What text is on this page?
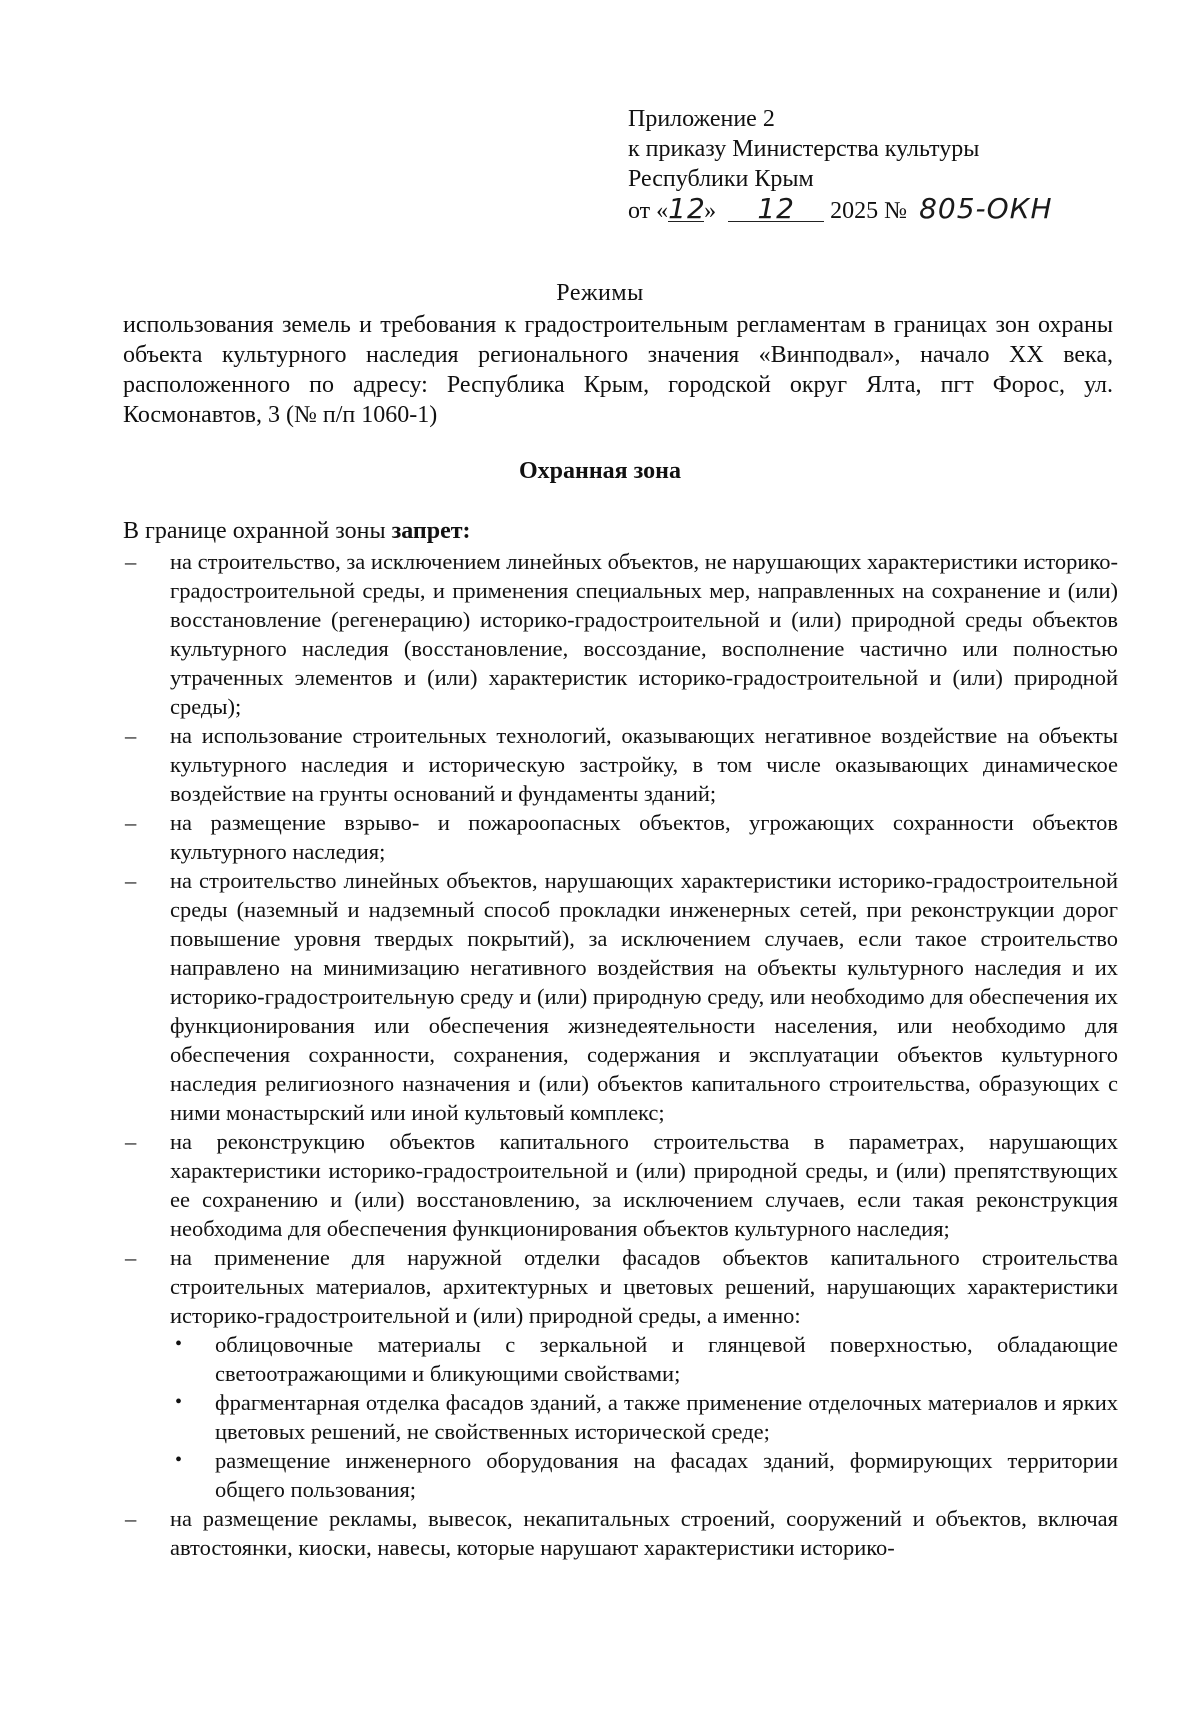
Приложение 2
к приказу Министерства культуры
Республики Крым
от «12» 12 2025 № 805-ОКН
Режимы
использования земель и требования к градостроительным регламентам в границах зон охраны объекта культурного наследия регионального значения «Винподвал», начало XX века, расположенного по адресу: Республика Крым, городской округ Ялта, пгт Форос, ул. Космонавтов, 3 (№ п/п 1060-1)
Охранная зона
В границе охранной зоны запрет:
– на строительство, за исключением линейных объектов, не нарушающих характеристики историко-градостроительной среды, и применения специальных мер, направленных на сохранение и (или) восстановление (регенерацию) историко-градостроительной и (или) природной среды объектов культурного наследия (восстановление, воссоздание, восполнение частично или полностью утраченных элементов и (или) характеристик историко-градостроительной и (или) природной среды);
– на использование строительных технологий, оказывающих негативное воздействие на объекты культурного наследия и историческую застройку, в том числе оказывающих динамическое воздействие на грунты оснований и фундаменты зданий;
– на размещение взрыво- и пожароопасных объектов, угрожающих сохранности объектов культурного наследия;
– на строительство линейных объектов, нарушающих характеристики историко-градостроительной среды (наземный и надземный способ прокладки инженерных сетей, при реконструкции дорог повышение уровня твердых покрытий), за исключением случаев, если такое строительство направлено на минимизацию негативного воздействия на объекты культурного наследия и их историко-градостроительную среду и (или) природную среду, или необходимо для обеспечения их функционирования или обеспечения жизнедеятельности населения, или необходимо для обеспечения сохранности, сохранения, содержания и эксплуатации объектов культурного наследия религиозного назначения и (или) объектов капитального строительства, образующих с ними монастырский или иной культовый комплекс;
– на реконструкцию объектов капитального строительства в параметрах, нарушающих характеристики историко-градостроительной и (или) природной среды, и (или) препятствующих ее сохранению и (или) восстановлению, за исключением случаев, если такая реконструкция необходима для обеспечения функционирования объектов культурного наследия;
– на применение для наружной отделки фасадов объектов капитального строительства строительных материалов, архитектурных и цветовых решений, нарушающих характеристики историко-градостроительной и (или) природной среды, а именно:
• облицовочные материалы с зеркальной и глянцевой поверхностью, обладающие светоотражающими и бликующими свойствами;
• фрагментарная отделка фасадов зданий, а также применение отделочных материалов и ярких цветовых решений, не свойственных исторической среде;
• размещение инженерного оборудования на фасадах зданий, формирующих территории общего пользования;
– на размещение рекламы, вывесок, некапитальных строений, сооружений и объектов, включая автостоянки, киоски, навесы, которые нарушают характеристики историко-
